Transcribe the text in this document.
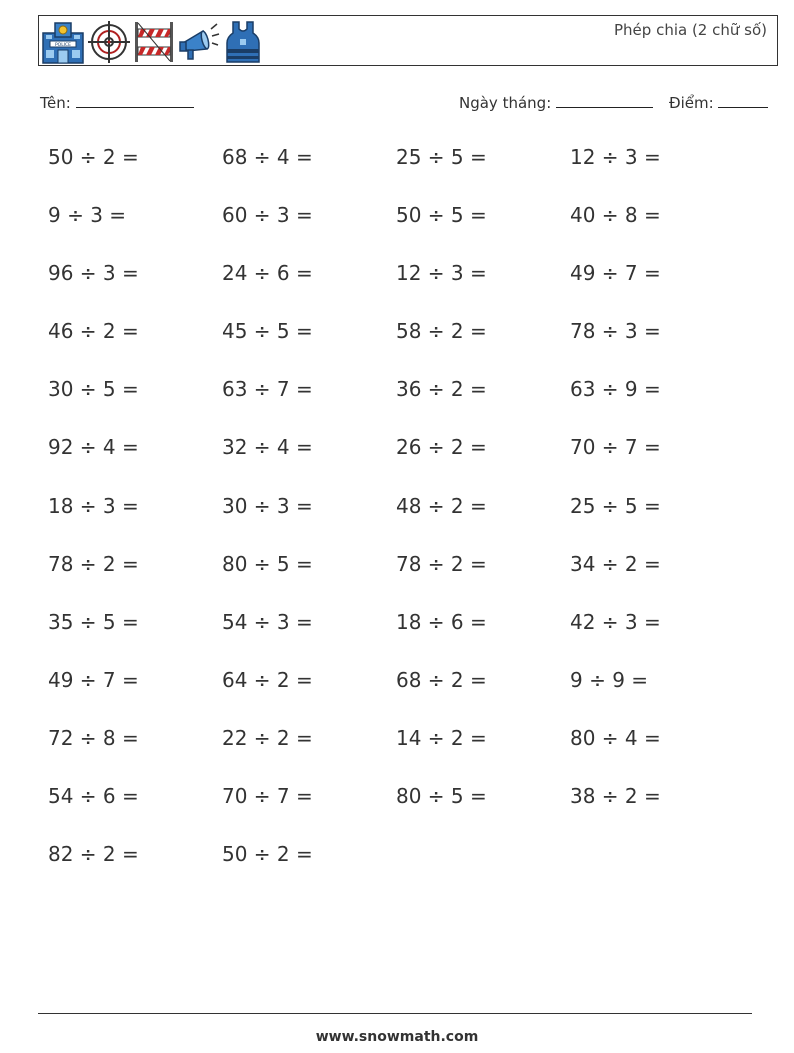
POLICE
Phép chia (2 chữ số)
Tên:	Ngày tháng:	Điểm:
50 ÷ 2 =	68 ÷ 4 =	25 ÷ 5 =	12 ÷ 3 =
9 ÷ 3 =	60 ÷ 3 =	50 ÷ 5 =	40 ÷ 8 =
96 ÷ 3 =	24 ÷ 6 =	12 ÷ 3 =	49 ÷ 7 =
46 ÷ 2 =	45 ÷ 5 =	58 ÷ 2 =	78 ÷ 3 =
30 ÷ 5 =	63 ÷ 7 =	36 ÷ 2 =	63 ÷ 9 =
92 ÷ 4 =	32 ÷ 4 =	26 ÷ 2 =	70 ÷ 7 =
18 ÷ 3 =	30 ÷ 3 =	48 ÷ 2 =	25 ÷ 5 =
78 ÷ 2 =	80 ÷ 5 =	78 ÷ 2 =	34 ÷ 2 =
35 ÷ 5 =	54 ÷ 3 =	18 ÷ 6 =	42 ÷ 3 =
49 ÷ 7 =	64 ÷ 2 =	68 ÷ 2 =	9 ÷ 9 =
72 ÷ 8 =	22 ÷ 2 =	14 ÷ 2 =	80 ÷ 4 =
54 ÷ 6 =	70 ÷ 7 =	80 ÷ 5 =	38 ÷ 2 =
82 ÷ 2 =	50 ÷ 2 =
www.snowmath.com
